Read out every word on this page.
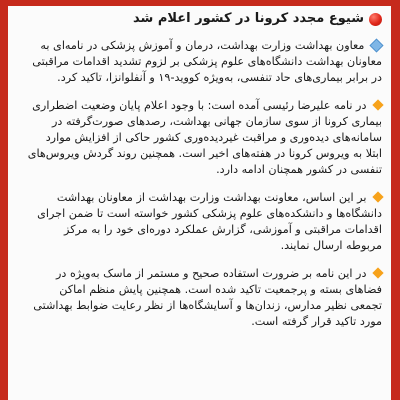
شیوع مجدد کرونا در کشور اعلام شد

معاون بهداشت وزارت بهداشت، درمان و آموزش پزشکی در نامه‌ای به معاونان بهداشت دانشگاه‌های علوم پزشکی بر لزوم تشدید اقدامات مراقبتی در برابر بیماری‌های حاد تنفسی، به‌ویژه کووید-۱۹ و آنفلوانزا، تاکید کرد.

در نامه علیرضا رئیسی آمده است: با وجود اعلام پایان وضعیت اضطراری بیماری کرونا از سوی سازمان جهانی بهداشت، رصدهای صورت‌گرفته در سامانه‌های دیده‌وری و مراقبت غیردیده‌وری کشور حاکی از افزایش موارد ابتلا به ویروس کرونا در هفته‌های اخیر است. همچنین روند گردش ویروس‌های تنفسی در کشور همچنان ادامه دارد.

بر این اساس، معاونت بهداشت وزارت بهداشت از معاونان بهداشت دانشگاه‌ها و دانشکده‌های علوم پزشکی کشور خواسته است تا ضمن اجرای اقدامات مراقبتی و آموزشی، گزارش عملکرد دوره‌ای خود را به مرکز مربوطه ارسال نمایند.

در این نامه بر ضرورت استفاده صحیح و مستمر از ماسک به‌ویژه در فضاهای بسته و پرجمعیت تاکید شده است. همچنین پایش منظم اماکن تجمعی نظیر مدارس، زندان‌ها و آسایشگاه‌ها از نظر رعایت ضوابط بهداشتی مورد تاکید قرار گرفته است.
